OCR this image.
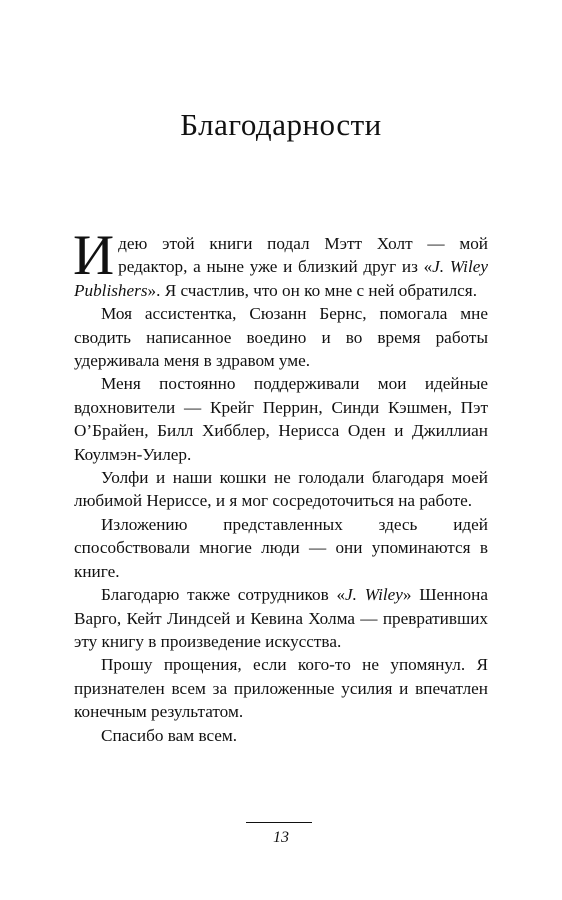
Благодарности

Идею этой книги подал Мэтт Холт — мой редактор, а ныне уже и близкий друг из «J. Wiley Publishers». Я счастлив, что он ко мне с ней обратился.

Моя ассистентка, Сюзанн Бернс, помогала мне сводить написанное воедино и во время работы удерживала меня в здравом уме.

Меня постоянно поддерживали мои идейные вдохновители — Крейг Перрин, Синди Кэшмен, Пэт О’Брайен, Билл Хибблер, Нерисса Оден и Джиллиан Коулмэн-Уилер.

Уолфи и наши кошки не голодали благодаря моей любимой Нериссе, и я мог сосредоточиться на работе.

Изложению представленных здесь идей способствовали многие люди — они упоминаются в книге.

Благодарю также сотрудников «J. Wiley» Шеннона Варго, Кейт Линдсей и Кевина Холма — превративших эту книгу в произведение искусства.

Прошу прощения, если кого-то не упомянул. Я признателен всем за приложенные усилия и впечатлен конечным результатом.

Спасибо вам всем.

13
